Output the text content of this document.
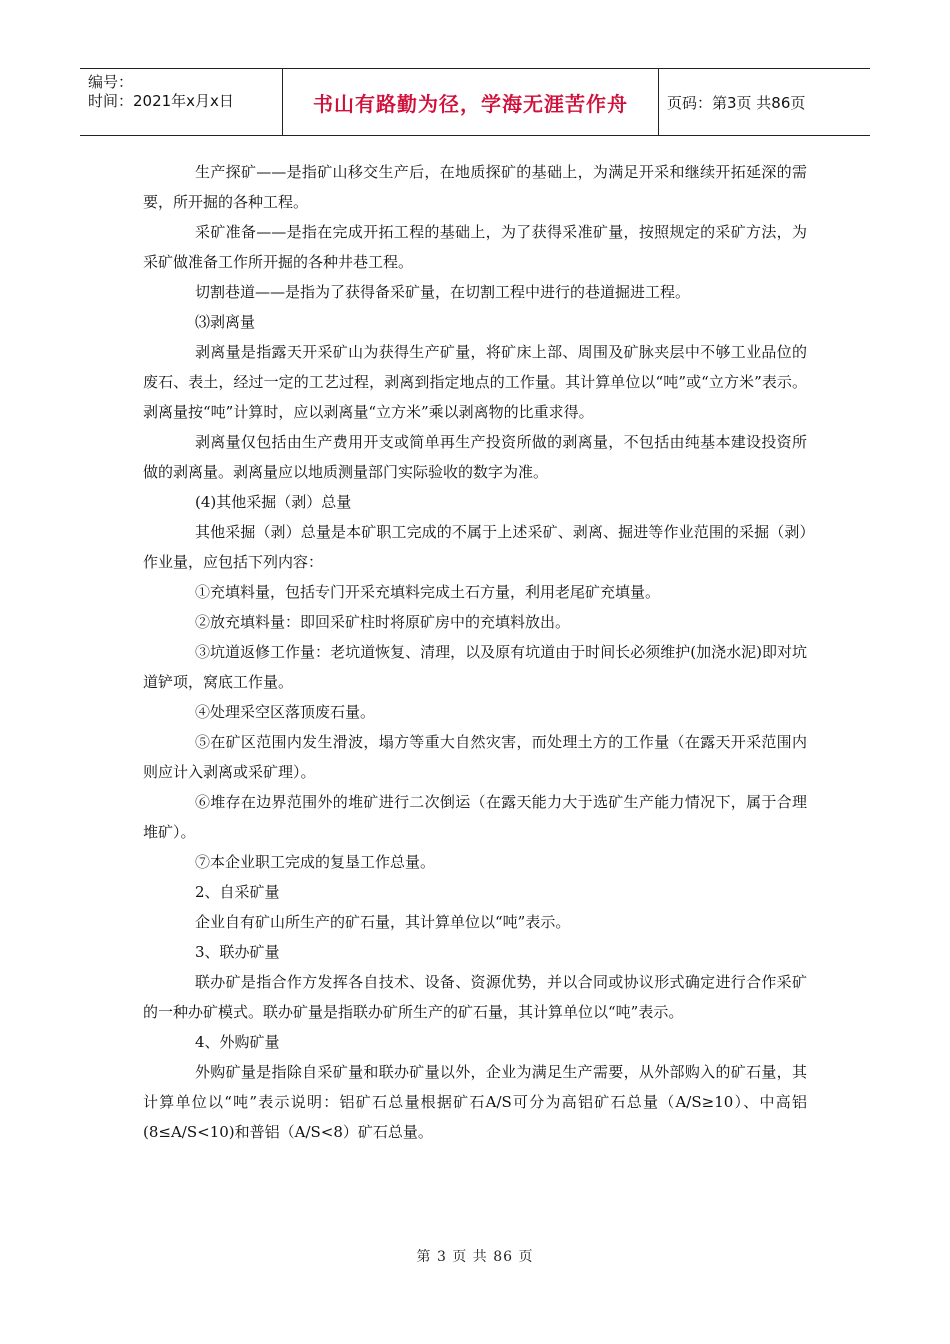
编号：
时间：2021年x月x日	书山有路勤为径，学海无涯苦作舟	页码：第3页 共86页

生产探矿——是指矿山移交生产后，在地质探矿的基础上，为满足开采和继续开拓延深的需要，所开掘的各种工程。

采矿准备——是指在完成开拓工程的基础上，为了获得采准矿量，按照规定的采矿方法，为采矿做准备工作所开掘的各种井巷工程。

切割巷道——是指为了获得备采矿量，在切割工程中进行的巷道掘进工程。

⑶剥离量

剥离量是指露天开采矿山为获得生产矿量，将矿床上部、周围及矿脉夹层中不够工业品位的废石、表土，经过一定的工艺过程，剥离到指定地点的工作量。其计算单位以“吨”或“立方米”表示。剥离量按“吨”计算时，应以剥离量“立方米”乘以剥离物的比重求得。

剥离量仅包括由生产费用开支或简单再生产投资所做的剥离量，不包括由纯基本建设投资所做的剥离量。剥离量应以地质测量部门实际验收的数字为准。

(4)其他采掘（剥）总量

其他采掘（剥）总量是本矿职工完成的不属于上述采矿、剥离、掘进等作业范围的采掘（剥）作业量，应包括下列内容：

①充填料量，包括专门开采充填料完成土石方量，利用老尾矿充填量。

②放充填料量：即回采矿柱时将原矿房中的充填料放出。

③坑道返修工作量：老坑道恢复、清理，以及原有坑道由于时间长必须维护(加浇水泥)即对坑道铲项，窝底工作量。

④处理采空区落顶废石量。

⑤在矿区范围内发生滑波，塌方等重大自然灾害，而处理土方的工作量（在露天开采范围内则应计入剥离或采矿理）。

⑥堆存在边界范围外的堆矿进行二次倒运（在露天能力大于选矿生产能力情况下，属于合理堆矿）。

⑦本企业职工完成的复垦工作总量。

2、自采矿量

企业自有矿山所生产的矿石量，其计算单位以“吨”表示。

3、联办矿量

联办矿是指合作方发挥各自技术、设备、资源优势，并以合同或协议形式确定进行合作采矿的一种办矿模式。联办矿量是指联办矿所生产的矿石量，其计算单位以“吨”表示。

4、外购矿量

外购矿量是指除自采矿量和联办矿量以外，企业为满足生产需要，从外部购入的矿石量，其计算单位以“吨”表示说明：铝矿石总量根据矿石A/S可分为高铝矿石总量（A/S≥10）、中高铝(8≤A/S<10)和普铝（A/S<8）矿石总量。

第 3 页 共 86 页
